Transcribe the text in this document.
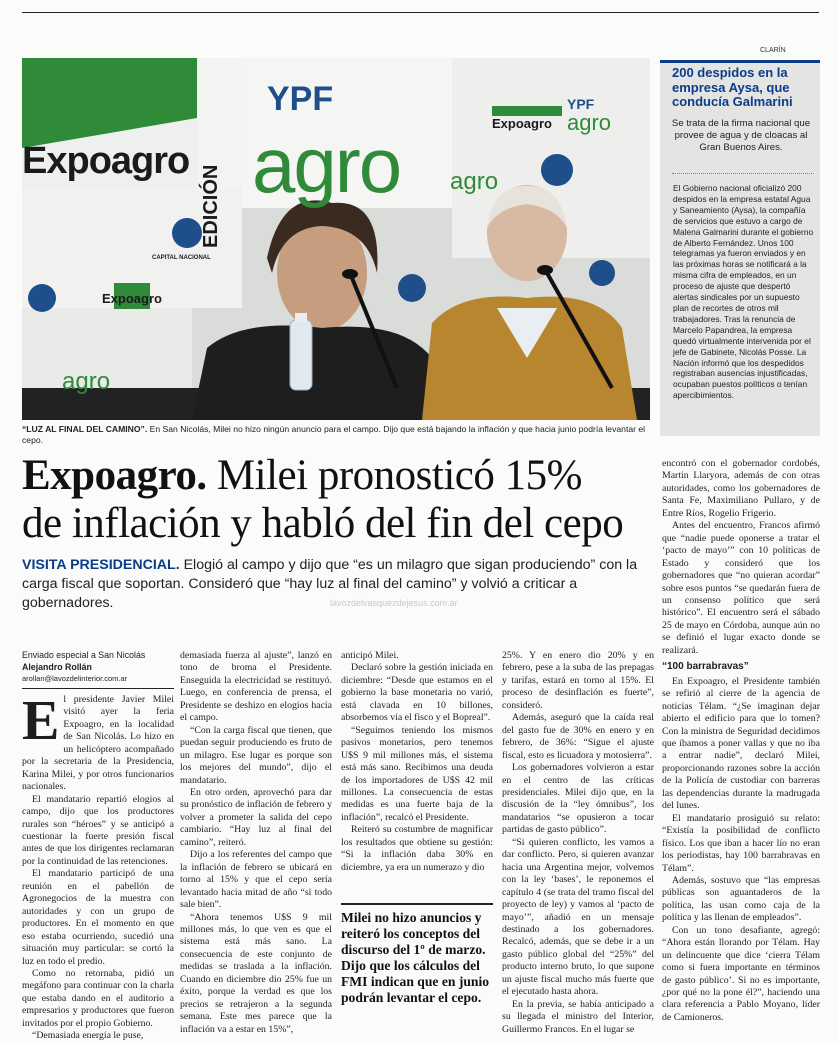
CLARÍN
Expoagro
EDICIÓN
YPF
agro
CAPITAL NACIONAL
YPF
agro
Expoagro
Expoagro
agro
agro
“LUZ AL FINAL DEL CAMINO”. En San Nicolás, Milei no hizo ningún anuncio para el campo. Dijo que está bajando la inflación y que hacia junio podría levantar el cepo.
200 despidos en la empresa Aysa, que conducía Galmarini
Se trata de la firma nacional que provee de agua y de cloacas al Gran Buenos Aires.
El Gobierno nacional oficializó 200 despidos en la empresa estatal Agua y Saneamiento (Aysa), la compañía de servicios que estuvo a cargo de Malena Galmarini durante el gobierno de Alberto Fernández. Unos 100 telegramas ya fueron enviados y en las próximas horas se notificará a la misma cifra de empleados, en un proceso de ajuste que despertó alertas sindicales por un supuesto plan de recortes de otros mil trabajadores. Tras la renuncia de Marcelo Papandrea, la empresa quedó virtualmente intervenida por el jefe de Gabinete, Nicolás Posse. La Nación informó que los despedidos registraban ausencias injustificadas, ocupaban puestos políticos o tenían apercibimientos.
Expoagro. Milei pronosticó 15%
de inflación y habló del fin del cepo
VISITA PRESIDENCIAL. Elogió al campo y dijo que “es un milagro que sigan produciendo” con la carga fiscal que soportan. Consideró que “hay luz al final del camino” y volvió a criticar a gobernadores.	lavozdelvasquezdejesus.com.ar
Enviado especial a San Nicolás
Alejandro Rollán
arollan@lavozdelinterior.com.ar

El presidente Javier Milei visitó ayer la feria Expoagro, en la localidad de San Nicolás. Lo hizo en un helicóptero acompañado por la secretaria de la Presidencia, Karina Milei, y por otros funcionarios nacionales.

El mandatario repartió elogios al campo, dijo que los productores rurales son “héroes” y se anticipó a cuestionar la fuerte presión fiscal antes de que los dirigentes reclamaran por la continuidad de las retenciones.

El mandatario participó de una reunión en el pabellón de Agronegocios de la muestra con autoridades y con un grupo de productores. En el momento en que eso estaba ocurriendo, sucedió una situación muy particular: se cortó la luz en todo el predio.

Como no retornaba, pidió un megáfono para continuar con la charla que estaba dando en el auditorio a empresarios y productores que fueron invitados por el propio Gobierno.

“Demasiada energía le puse,

demasiada fuerza al ajuste”, lanzó en tono de broma el Presidente. Enseguida la electricidad se restituyó. Luego, en conferencia de prensa, el Presidente se deshizo en elogios hacia el campo.

“Con la carga fiscal que tienen, que puedan seguir produciendo es fruto de un milagro. Ese lugar es porque son los mejores del mundo”, dijo el mandatario.

En otro orden, aprovechó para dar su pronóstico de inflación de febrero y volver a prometer la salida del cepo cambiario. “Hay luz al final del camino”, reiteró.

Dijo a los referentes del campo que la inflación de febrero se ubicará en torno al 15% y que el cepo sería levantado hacia mitad de año “si todo sale bien”.

“Ahora tenemos U$S 9 mil millones más, lo que ven es que el sistema está más sano. La consecuencia de este conjunto de medidas se traslada a la inflación. Cuando en diciembre dio 25% fue un éxito, porque la verdad es que los precios se retrajeron a la segunda semana. Este mes parece que la inflación va a estar en 15%”,

anticipó Milei.

Declaró sobre la gestión iniciada en diciembre: “Desde que estamos en el gobierno la base monetaria no varió, está clavada en 10 billones, absorbemos vía el fisco y el Bopreal”.

“Seguimos teniendo los mismos pasivos monetarios, pero tenemos U$S 9 mil millones más, el sistema está más sano. Recibimos una deuda de los importadores de U$S 42 mil millones. La consecuencia de estas medidas es una fuerte baja de la inflación”, recalcó el Presidente.

Reiteró su costumbre de magnificar los resultados que obtiene su gestión: “Si la inflación daba 30% en diciembre, ya era un numerazo y dio

Milei no hizo anuncios y reiteró los conceptos del discurso del 1º de marzo. Dijo que los cálculos del FMI indican que en junio podrán levantar el cepo.

25%. Y en enero dio 20% y en febrero, pese a la suba de las prepagas y tarifas, estará en torno al 15%. El proceso de desinflación es fuerte”, consideró.

Además, aseguró que la caída real del gasto fue de 30% en enero y en febrero, de 36%: “Sigue el ajuste fiscal, esto es licuadora y motosierra”.

Los gobernadores volvieron a estar en el centro de las críticas presidenciales. Milei dijo que, en la discusión de la “ley ómnibus”, los mandatarios “se opusieron a tocar partidas de gasto público”.

“Si quieren conflicto, les vamos a dar conflicto. Pero, si quieren avanzar hacia una Argentina mejor, volvemos con la ley ‘bases’, le reponemos el capítulo 4 (se trata del tramo fiscal del proyecto de ley) y vamos al ‘pacto de mayo’”, añadió en un mensaje destinado a los gobernadores. Recalcó, además, que se debe ir a un gasto público global del “25%” del producto interno bruto, lo que supone un ajuste fiscal mucho más fuerte que el ejecutado hasta ahora.

En la previa, se había anticipado a su llegada el ministro del Interior, Guillermo Francos. En el lugar se

encontró con el gobernador cordobés, Martín Llaryora, además de con otras autoridades, como los gobernadores de Santa Fe, Maximiliano Pullaro, y de Entre Ríos, Rogelio Frigerio.

Antes del encuentro, Francos afirmó que “nadie puede oponerse a tratar el ‘pacto de mayo’” con 10 políticas de Estado y consideró que los gobernadores que “no quieran acordar” sobre esos puntos “se quedarán fuera de un consenso político que será histórico”. El encuentro será el sábado 25 de mayo en Córdoba, aunque aún no se definió el lugar exacto donde se realizará.

“100 barrabravas”

En Expoagro, el Presidente también se refirió al cierre de la agencia de noticias Télam. “¿Se imaginan dejar abierto el edificio para que lo tomen? Con la ministra de Seguridad decidimos que íbamos a poner vallas y que no iba a entrar nadie”, declaró Milei, proporcionando razones sobre la acción de la Policía de custodiar con barreras las dependencias durante la madrugada del lunes.

El mandatario prosiguió su relato: “Existía la posibilidad de conflicto físico. Los que iban a hacer lío no eran los periodistas, hay 100 barrabravas en Télam”.

Además, sostuvo que “las empresas públicas son aguantaderos de la política, las usan como caja de la política y las llenan de empleados”.

Con un tono desafiante, agregó: “Ahora están llorando por Télam. Hay un delincuente que dice ‘cierra Télam como si fuera importante en términos de gasto público’. Si no es importante, ¿por qué no la pone él?”, haciendo una clara referencia a Pablo Moyano, líder de Camioneros.
